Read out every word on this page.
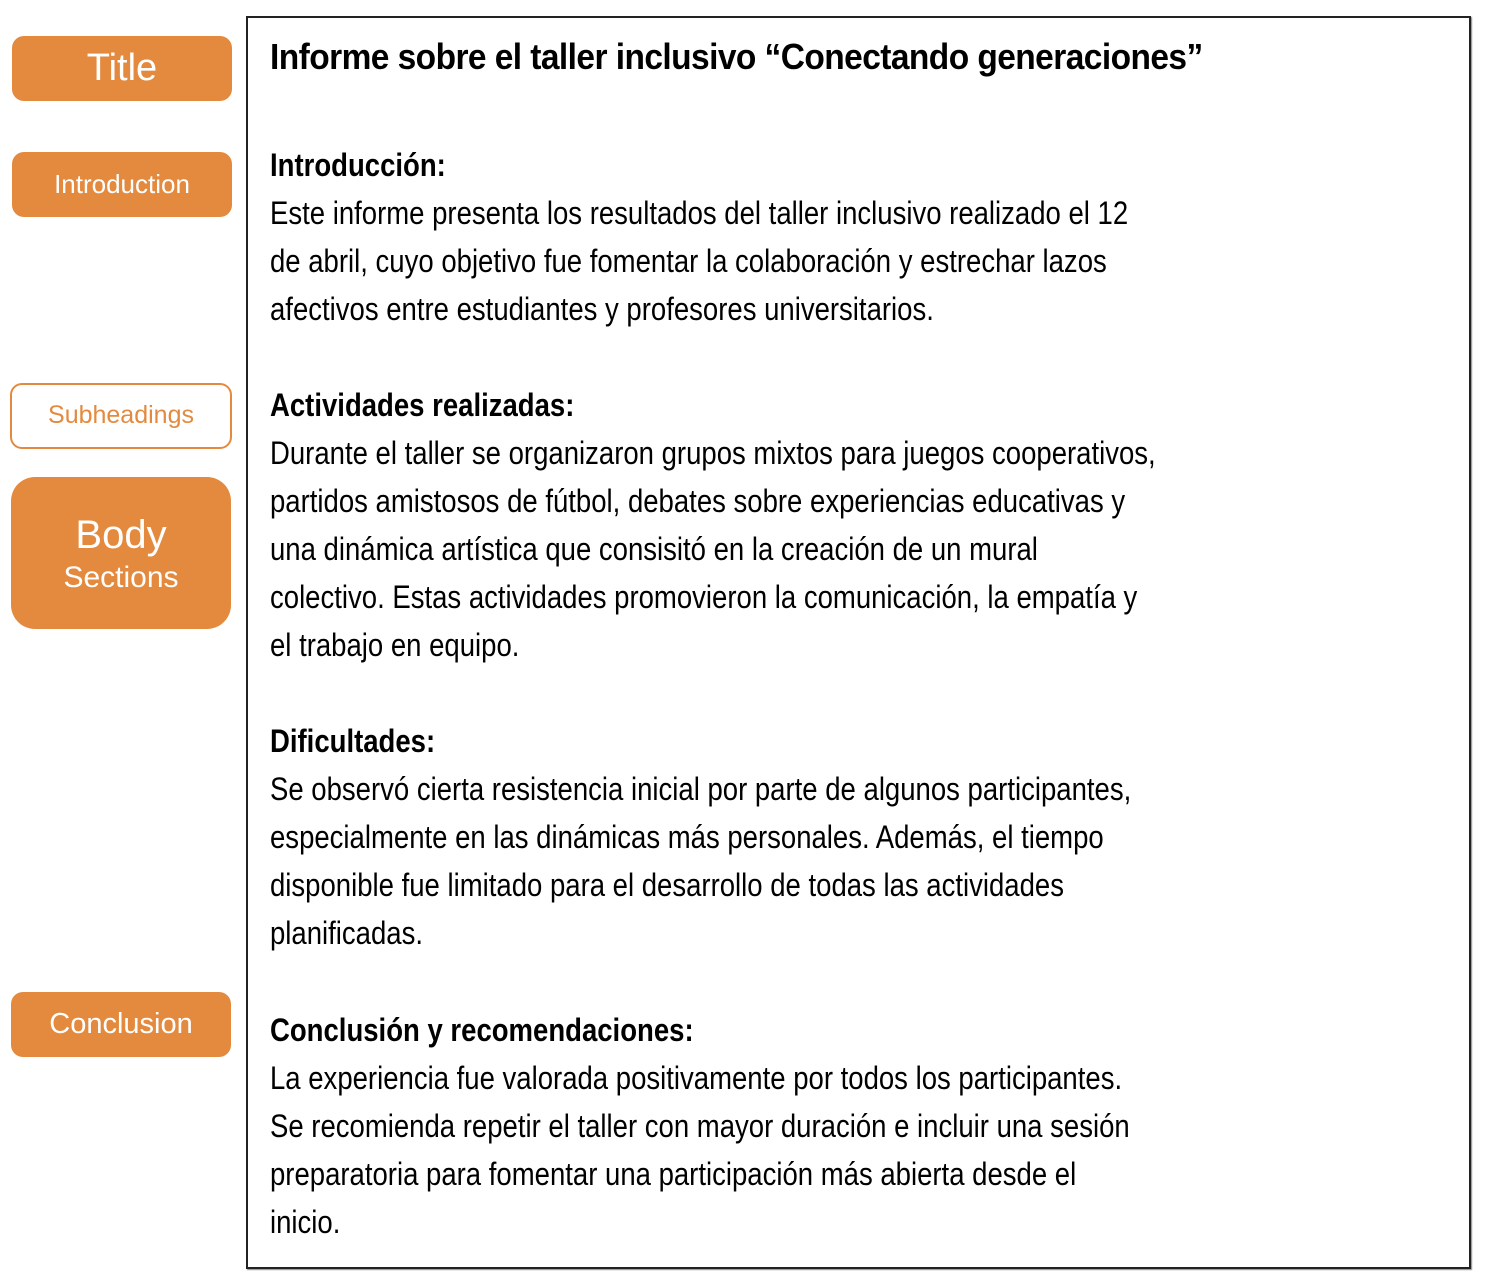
Title
Introduction
Subheadings
Body
Sections
Conclusion
Informe sobre el taller inclusivo “Conectando generaciones”
Introducción:
Este informe presenta los resultados del taller inclusivo realizado el 12
de abril, cuyo objetivo fue fomentar la colaboración y estrechar lazos
afectivos entre estudiantes y profesores universitarios.
Actividades realizadas:
Durante el taller se organizaron grupos mixtos para juegos cooperativos,
partidos amistosos de fútbol, debates sobre experiencias educativas y
una dinámica artística que consisitó en la creación de un mural
colectivo. Estas actividades promovieron la comunicación, la empatía y
el trabajo en equipo.
Dificultades:
Se observó cierta resistencia inicial por parte de algunos participantes,
especialmente en las dinámicas más personales. Además, el tiempo
disponible fue limitado para el desarrollo de todas las actividades
planificadas.
Conclusión y recomendaciones:
La experiencia fue valorada positivamente por todos los participantes.
Se recomienda repetir el taller con mayor duración e incluir una sesión
preparatoria para fomentar una participación más abierta desde el
inicio.
